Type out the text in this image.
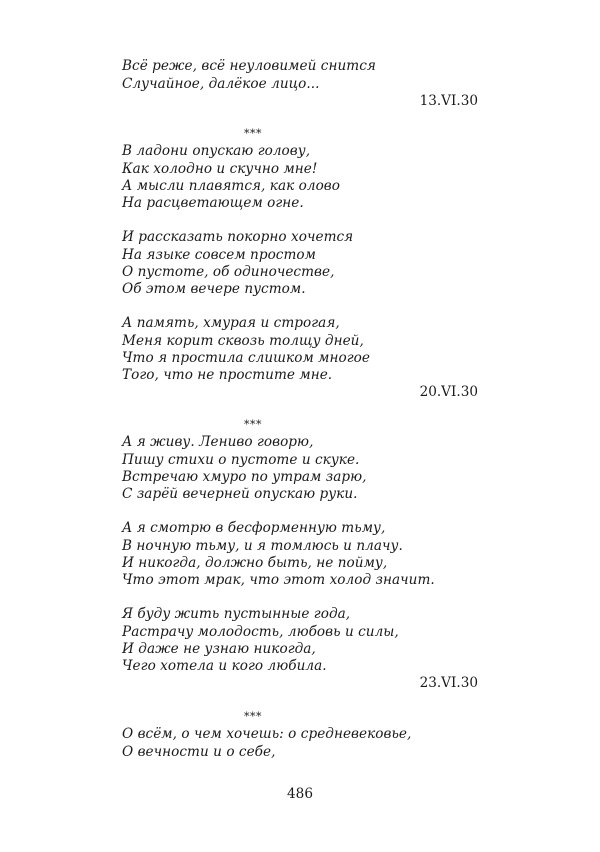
Всё реже, всё неуловимей снится
Случайное, далёкое лицо...
13.VI.30
***
В ладони опускаю голову,
Как холодно и скучно мне!
А мысли плавятся, как олово
На расцветающем огне.
И рассказать покорно хочется
На языке совсем простом
О пустоте, об одиночестве,
Об этом вечере пустом.
А память, хмурая и строгая,
Меня корит сквозь толщу дней,
Что я простила слишком многое
Того, что не простите мне.
20.VI.30
***
А я живу. Лениво говорю,
Пишу стихи о пустоте и скуке.
Встречаю хмуро по утрам зарю,
С зарёй вечерней опускаю руки.
А я смотрю в бесформенную тьму,
В ночную тьму, и я томлюсь и плачу.
И никогда, должно быть, не пойму,
Что этот мрак, что этот холод значит.
Я буду жить пустынные года,
Растрачу молодость, любовь и силы,
И даже не узнаю никогда,
Чего хотела и кого любила.
23.VI.30
***
О всём, о чем хочешь: о средневековье,
О вечности и о себе,
486
